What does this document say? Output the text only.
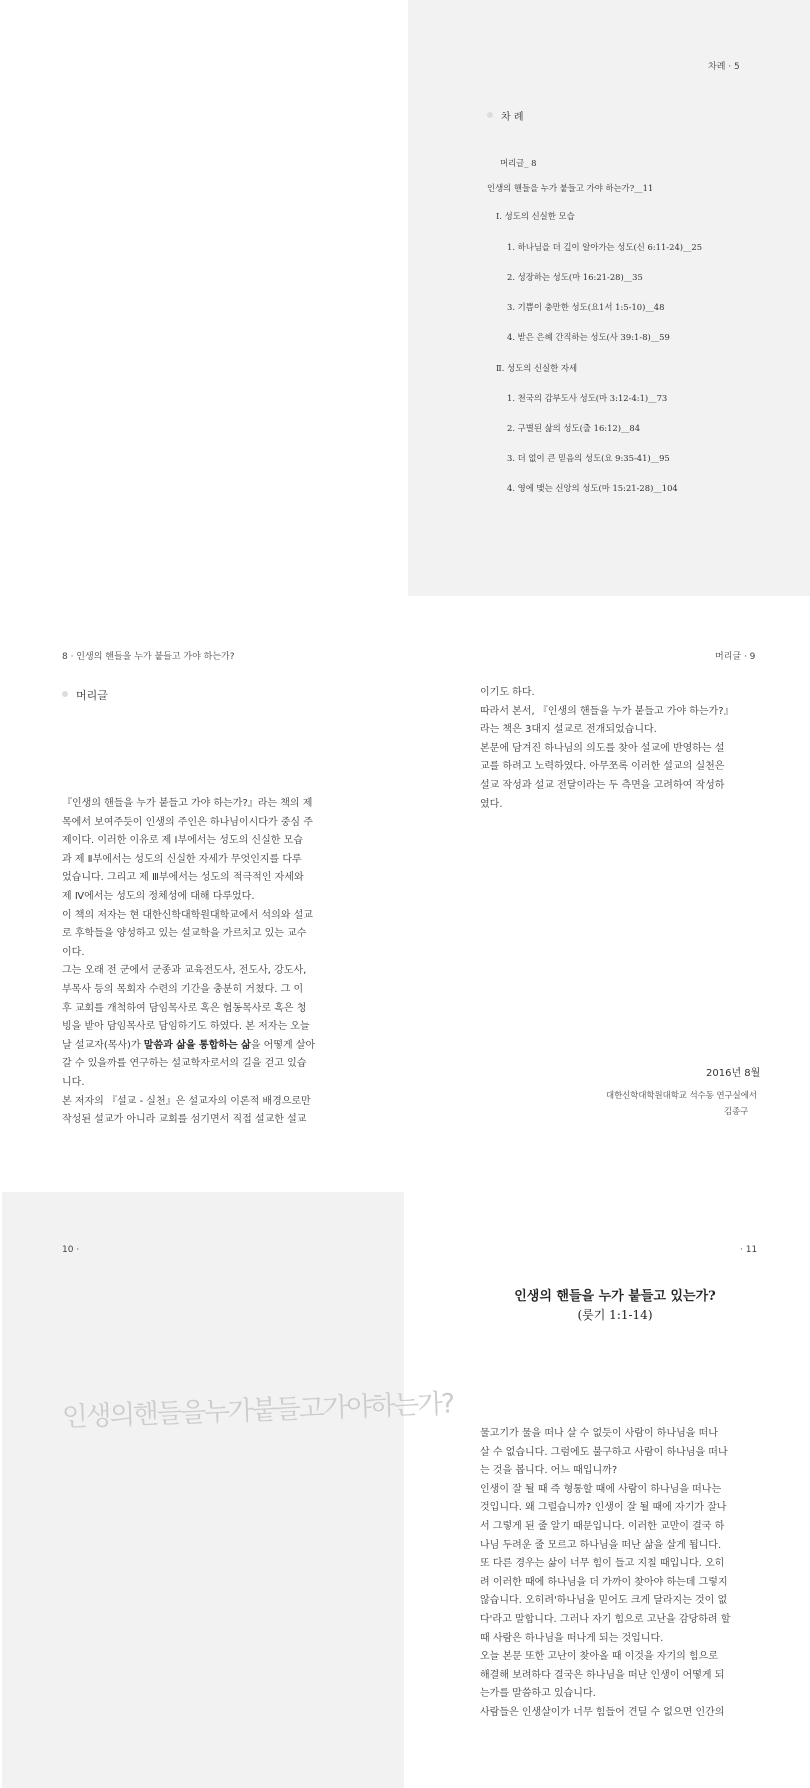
차례 · 5
차 례
머리글_ 8
인생의 핸들을 누가 붙들고 가야 하는가?__11
Ⅰ. 성도의 신실한 모습
1. 하나님을 더 깊이 알아가는 성도(신 6:11-24)__25
2. 성장하는 성도(마 16:21-28)__35
3. 기쁨이 충만한 성도(요1서 1:5-10)__48
4. 받은 은혜 간직하는 성도(사 39:1-8)__59
Ⅱ. 성도의 신실한 자세
1. 천국의 감부도사 성도(마 3:12-4:1)__73
2. 구별된 삶의 성도(출 16:12)__84
3. 더 없이 큰 믿음의 성도(요 9:35-41)__95
4. 영에 맺는 신앙의 성도(마 15:21-28)__104
8 · 인생의 핸들을 누가 붙들고 가야 하는가?
머리글
『인생의 핸들을 누가 붙들고 가야 하는가?』라는 책의 제
목에서 보여주듯이 인생의 주인은 하나님이시다가 중심 주
제이다. 이러한 이유로 제 Ⅰ부에서는 성도의 신실한 모습
과 제 Ⅱ부에서는 성도의 신실한 자세가 무엇인지를 다루
었습니다. 그리고 제 Ⅲ부에서는 성도의 적극적인 자세와
제 Ⅳ에서는 성도의 정체성에 대해 다루었다.
이 책의 저자는 현 대한신학대학원대학교에서 석의와 설교
로 후학들을 양성하고 있는 설교학을 가르치고 있는 교수
이다.
그는 오래 전 군에서 군종과 교육전도사, 전도사, 강도사,
부목사 등의 목회자 수련의 기간을 충분히 거쳤다. 그 이
후 교회를 개척하여 담임목사로 혹은 협동목사로 혹은 청
빙을 받아 담임목사로 담임하기도 하였다. 본 저자는 오늘
날 설교자(목사)가 말씀과 삶을 통합하는 삶을 어떻게 살아
갈 수 있을까를 연구하는 설교학자로서의 길을 걷고 있습
니다.
본 저자의 『설교 - 실천』은 설교자의 이론적 배경으로만
작성된 설교가 아니라 교회를 섬기면서 직접 설교한 설교
머리글 · 9
이기도 하다.
따라서 본서, 『인생의 핸들을 누가 붙들고 가야 하는가?』
라는 책은 3대지 설교로 전개되었습니다.
본문에 담겨진 하나님의 의도를 찾아 설교에 반영하는 설
교를 하려고 노력하였다. 아무쪼록 이러한 설교의 실천은
설교 작성과 설교 전달이라는 두 측면을 고려하여 작성하
였다.
2016년 8월
대한신학대학원대학교 석수동 연구실에서
김종구
10 ·
인생의핸들을누가붙들고가야하는가?
· 11
인생의 핸들을 누가 붙들고 있는가?
(룻기 1:1-14)
물고기가 물을 떠나 살 수 없듯이 사람이 하나님을 떠나
살 수 없습니다. 그럼에도 불구하고 사람이 하나님을 떠나
는 것을 봅니다. 어느 때입니까?
인생이 잘 될 때 즉 형통할 때에 사람이 하나님을 떠나는
것입니다. 왜 그럴습니까? 인생이 잘 될 때에 자기가 잘나
서 그렇게 된 줄 알기 때문입니다. 이러한 교만이 결국 하
나님 두려운 줄 모르고 하나님을 떠난 삶을 살게 됩니다.
또 다른 경우는 삶이 너무 힘이 들고 지칠 때입니다. 오히
려 이러한 때에 하나님을 더 가까이 찾아야 하는데 그렇지
않습니다. 오히려'하나님을 믿어도 크게 달라지는 것이 없
다'라고 말합니다. 그러나 자기 힘으로 고난을 감당하려 할
때 사람은 하나님을 떠나게 되는 것입니다.
오늘 본문 또한 고난이 찾아올 때 이것을 자기의 힘으로
해결해 보려하다 결국은 하나님을 떠난 인생이 어떻게 되
는가를 말씀하고 있습니다.
사람들은 인생살이가 너무 힘들어 견딜 수 없으면 인간의
